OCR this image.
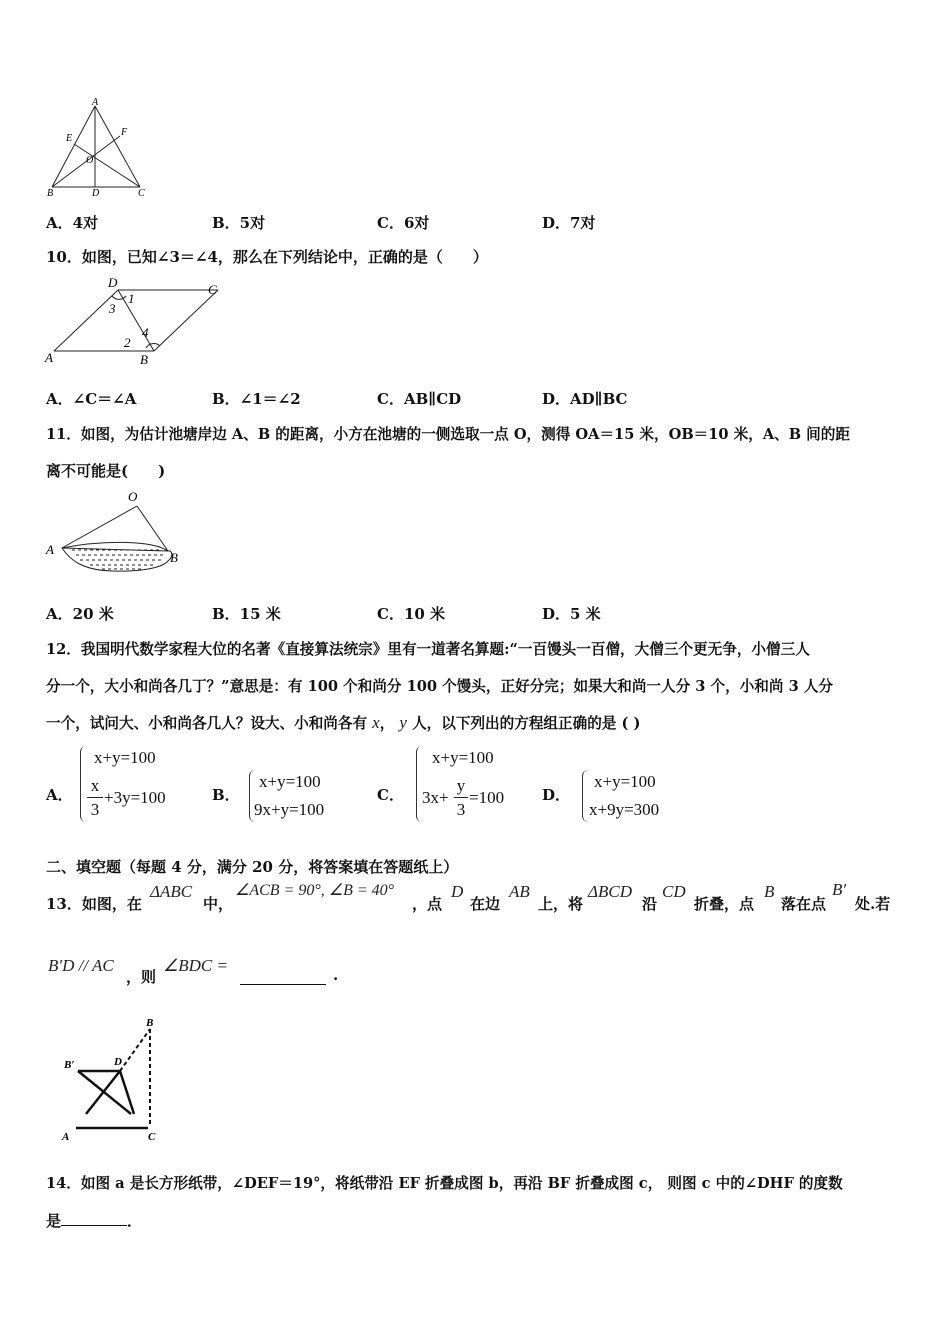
A
E
F
O
B	D	C
A．4对	B．5对	C．6对	D．7对
10．如图，已知∠3＝∠4，那么在下列结论中，正确的是（　　）
D	C
A	B
1
3
2
4
A．∠C＝∠A	B．∠1＝∠2	C．AB∥CD	D．AD∥BC
11．如图，为估计池塘岸边 A、B 的距离，小方在池塘的一侧选取一点 O，测得 OA＝15 米，OB＝10 米，A、B 间的距
离不可能是(　　)
O
A
B
A．20 米	B．15 米	C．10 米	D．5 米
12．我国明代数学家程大位的名著《直接算法统宗》里有一道著名算题:“一百馒头一百僧，大僧三个更无争，小僧三人
分一个，大小和尚各几丁？”意思是：有 100 个和尚分 100 个馒头，正好分完；如果大和尚一人分 3 个，小和尚 3 人分
一个，试问大、小和尚各几人？设大、小和尚各有 x， y 人，以下列出的方程组正确的是 ( )
A．
x+y=100
x
3
+3y=100	B．
x+y=100
9x+y=100
C．
x+y=100
3x+
y
3
=100	D．
x+y=100
x+9y=300
二、填空题（每题 4 分，满分 20 分，将答案填在答题纸上）
13．如图，在
ΔABC
中，
∠ACB = 90°, ∠B = 40°
，点
D
在边
AB
上，将
ΔBCD
沿
CD
折叠，点
B
落在点
B′
处.若
B′D // AC
，则
∠BDC =	.
B
B′	D
A	C
14．如图 a 是长方形纸带，∠DEF＝19°，将纸带沿 EF 折叠成图 b，再沿 BF 折叠成图 c， 则图 c 中的∠DHF 的度数
是	．
